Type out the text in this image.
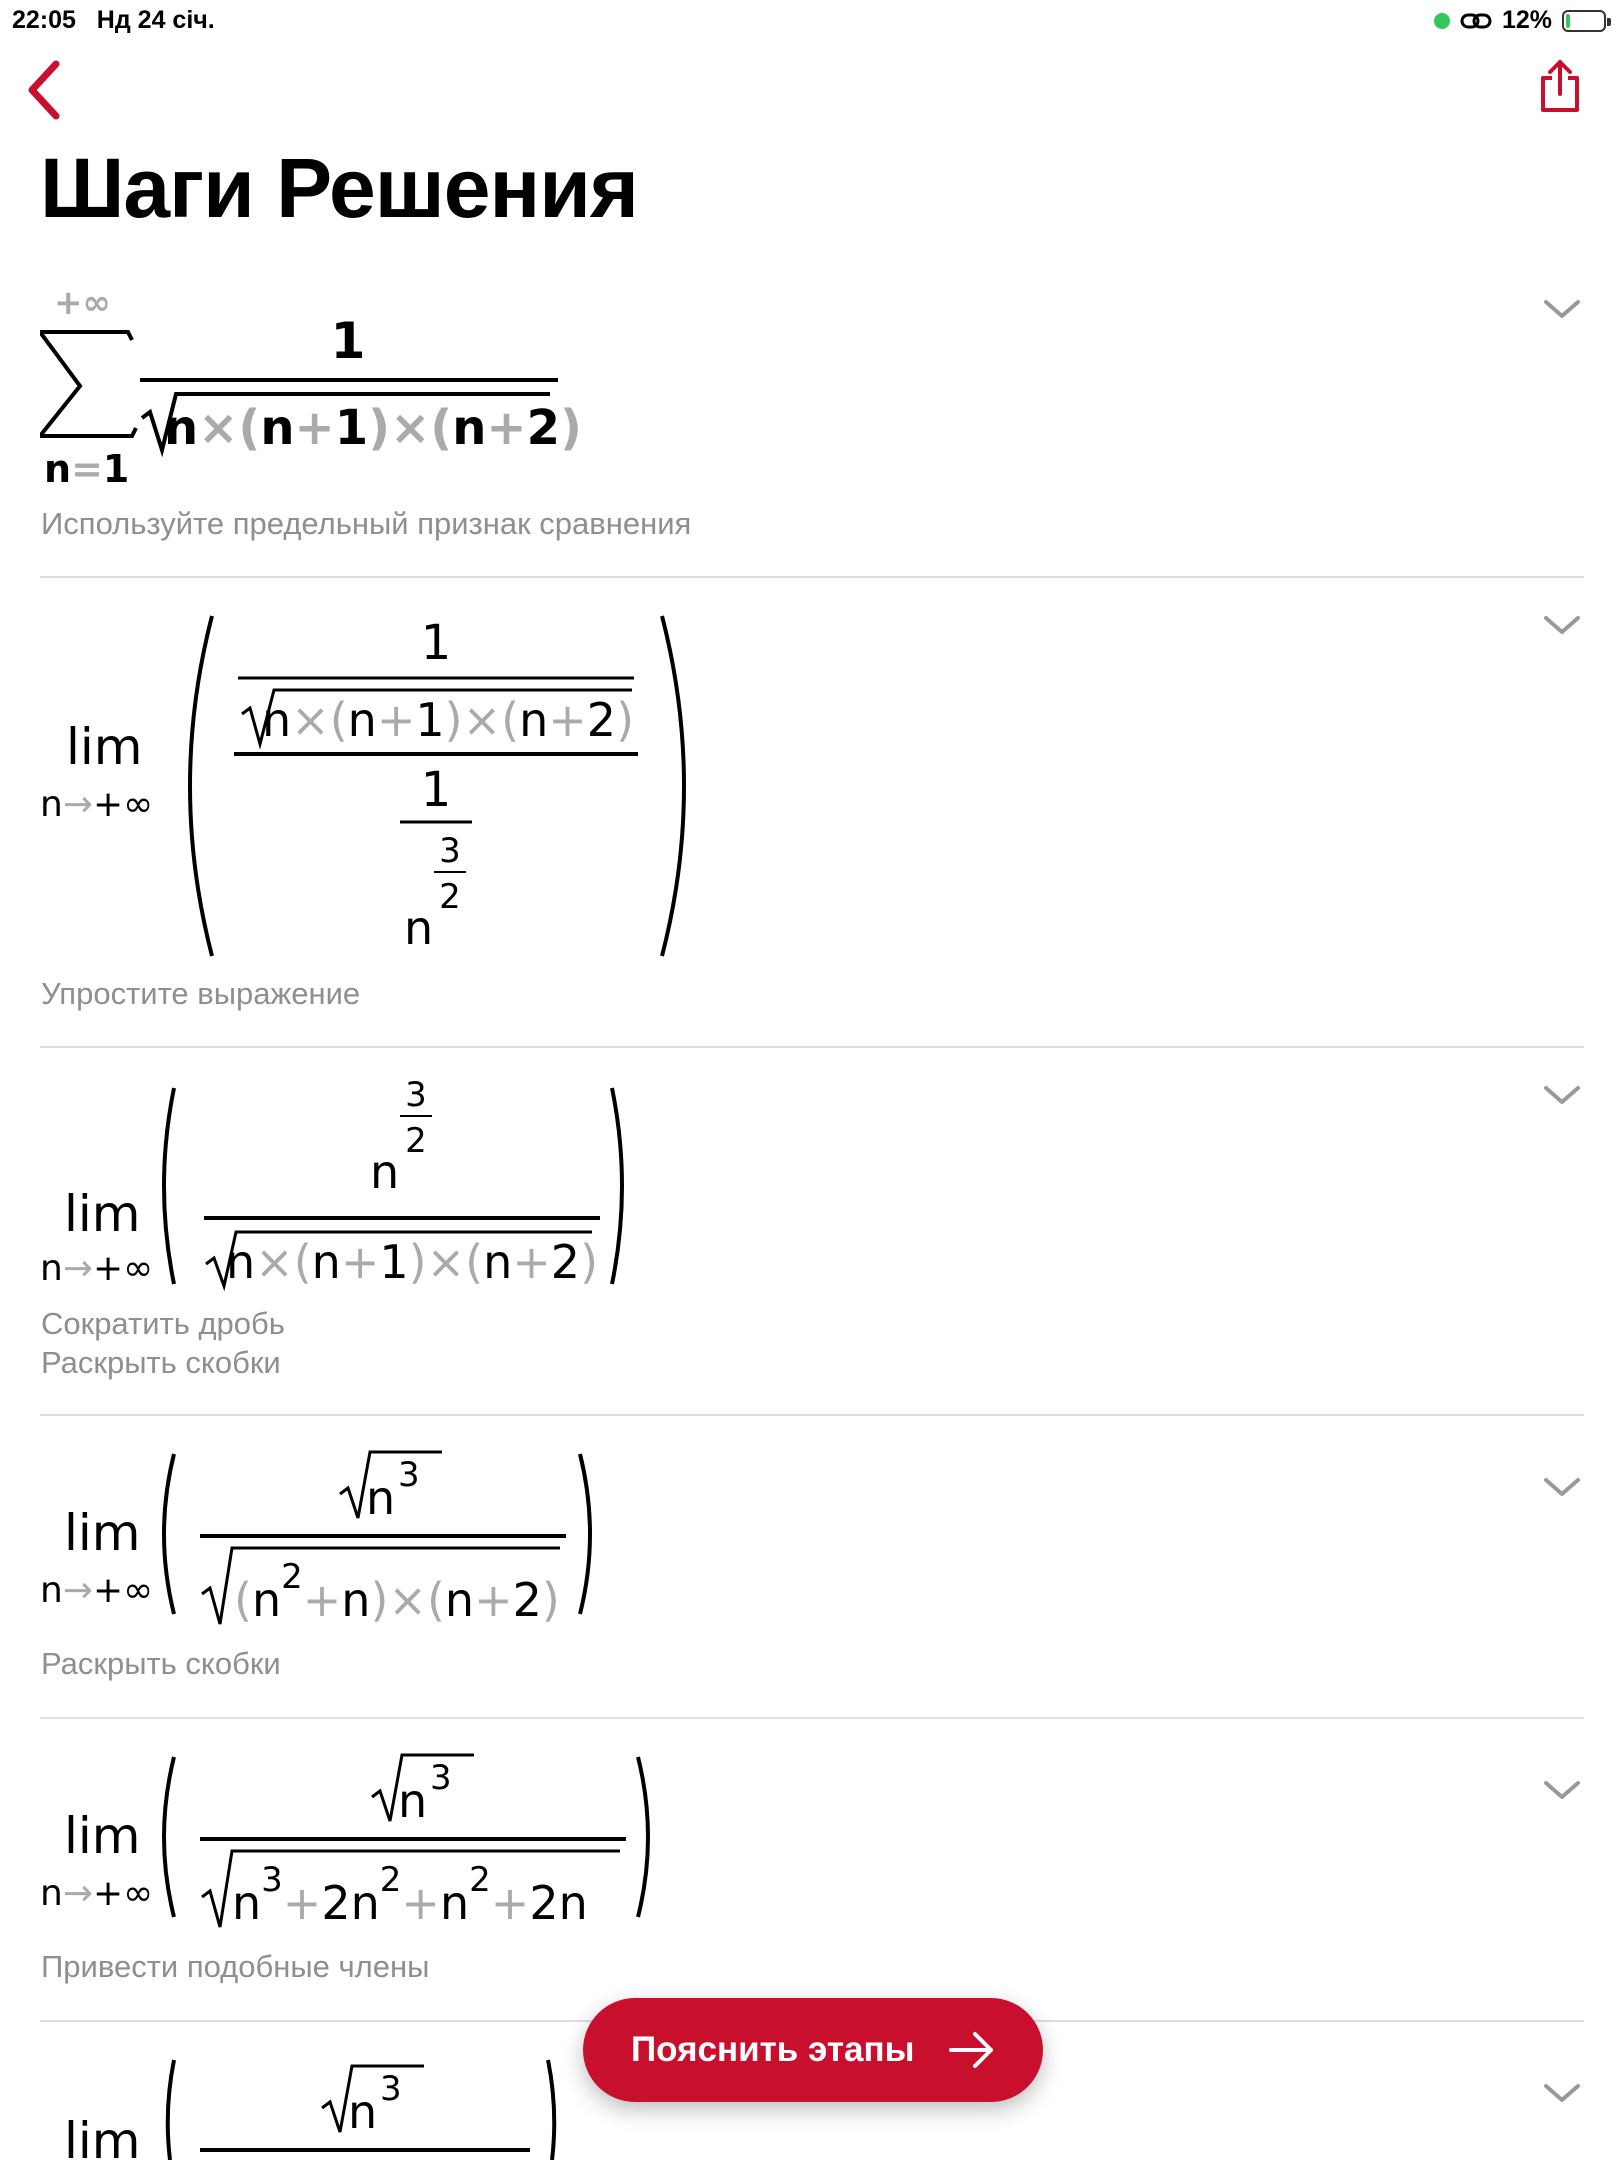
22:05 Нд 24 січ.	12%
Шаги Решения
+∞
n=1
1
n×(n+1)×(n+2)
Используйте предельный признак сравнения
lim
n→+∞
1
n×(n+1)×(n+2)
1
3
2
n
Упростите выражение
lim
n→+∞
3
2
n
n×(n+1)×(n+2)
Сократить дробь
Раскрыть скобки
lim
n→+∞
n 3
$(n^2+n)\times(n+2)$
Раскрыть скобки
lim
n→+∞
n 3
$n^3+2n^2+n^2+2n$
Привести подобные члены
lim	n 3
Пояснить этапы
